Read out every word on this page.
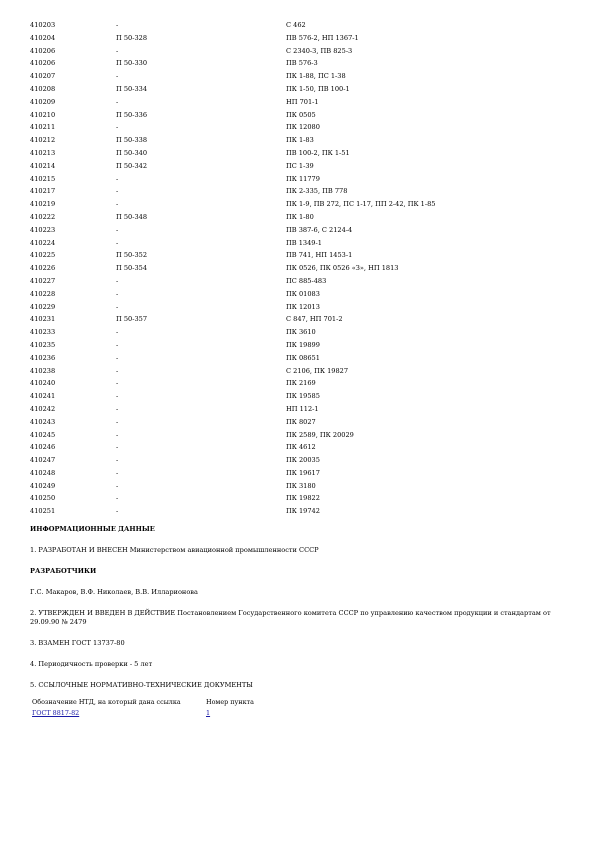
410203	-	С 462
410204	П 50-328	ПВ 576-2, НП 1367-1
410206	-	С 2340-3, ПВ 825-3
410206	П 50-330	ПВ 576-3
410207	-	ПК 1-88, ПС 1-38
410208	П 50-334	ПК 1-50, ПВ 100-1
410209	-	НП 701-1
410210	П 50-336	ПК 0505
410211	-	ПК 12080
410212	П 50-338	ПК 1-83
410213	П 50-340	ПВ 100-2, ПК 1-51
410214	П 50-342	ПС 1-39
410215	-	ПК 11779
410217	-	ПК 2-335, ПВ 778
410219	-	ПК 1-9, ПВ 272, ПС 1-17, ПП 2-42, ПК 1-85
410222	П 50-348	ПК 1-80
410223	-	ПВ 387-6, С 2124-4
410224	-	ПВ 1349-1
410225	П 50-352	ПВ 741, НП 1453-1
410226	П 50-354	ПК 0526, ПК 0526 «З», НП 1813
410227	-	ПС 885-483
410228	-	ПК 01083
410229	-	ПК 12013
410231	П 50-357	С 847, НП 701-2
410233	-	ПК 3610
410235	-	ПК 19899
410236	-	ПК 08651
410238	-	С 2106, ПК 19827
410240	-	ПК 2169
410241	-	ПК 19585
410242	-	НП 112-1
410243	-	ПК 8027
410245	-	ПК 2589, ПК 20029
410246	-	ПК 4612
410247	-	ПК 20035
410248	-	ПК 19617
410249	-	ПК 3180
410250	-	ПК 19822
410251	-	ПК 19742

ИНФОРМАЦИОННЫЕ ДАННЫЕ

1. РАЗРАБОТАН И ВНЕСЕН Министерством авиационной промышленности СССР

РАЗРАБОТЧИКИ

Г.С. Макаров, В.Ф. Николаев, В.В. Илларионова

2. УТВЕРЖДЕН И ВВЕДЕН В ДЕЙСТВИЕ Постановлением Государственного комитета СССР по управлению качеством продукции и стандартам от 29.09.90 № 2479

3. ВЗАМЕН ГОСТ 13737-80

4. Периодичность проверки - 5 лет

5. ССЫЛОЧНЫЕ НОРМАТИВНО-ТЕХНИЧЕСКИЕ ДОКУМЕНТЫ

Обозначение НТД, на который дана ссылка	Номер пункта
ГОСТ 8817-82	1
